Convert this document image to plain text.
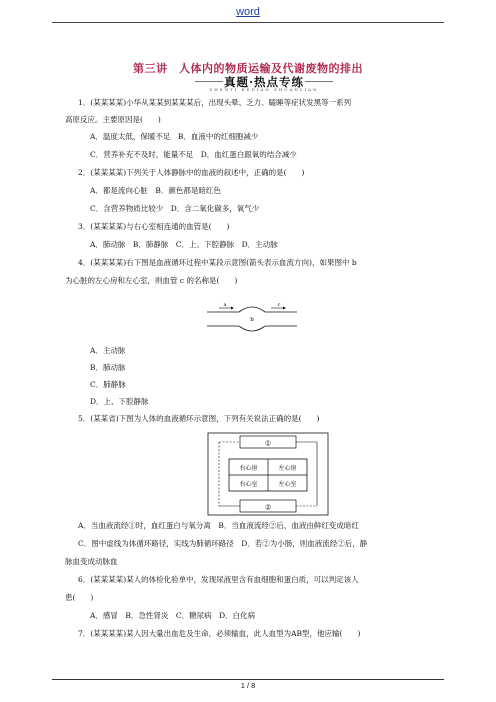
word
第三讲　人体内的物质运输及代谢废物的排出
真题·热点专练
ZHENTI REDIAN ZHUANLIAN
1．(某某某某)小华从某某到某某某后，出现头晕、乏力、瞌睡等症状发黑等一系列
高原反应。主要原因是(　　)
A．温度太低，保暖不足　B．血液中的红细胞减少
C．营养补充不及时，能量不足　D．血红蛋白跟氧的结合减少
2．(某某某某)下列关于人体静脉中的血液的叙述中，正确的是(　　)
A．都是流向心脏　B．颜色都是暗红色
C．含营养物质比较少　D．含二氧化碳多，氧气少
3．(某某某某)与右心室相连通的血管是(　　)
A．肺动脉　B．肺静脉　C．上、下腔静脉　D．主动脉
4．(某某某某)右下图是血液循环过程中某段示意图(箭头表示血流方向)，如果图中 b
为心脏的左心房和左心室，则血管 c 的名称是(　　)
a
b
c
A．主动脉
B．肺动脉
C．肺静脉
D．上、下腔静脉
5．(某某省)下图为人体的血液循环示意图，下列有关说法正确的是(　　)
①
②
右心房	左心房
右心室	左心室
A．当血液流经①时，血红蛋白与氧分离　B．当血液流经②后，血液由鲜红变成暗红
C．图中虚线为体循环路径，实线为肺循环路径　D．若②为小肠，则血液流经②后，静
脉血变成动脉血
6．(某某某某)某人的体检化验单中，发现尿液里含有血细胞和蛋白质，可以判定该人
患(　　)
A．感冒　B．急性肾炎　C．糖尿病　D．白化病
7．(某某某某)某人因大量出血危及生命，必须输血，此人血型为AB型，他应输(　　)
1 / 8
